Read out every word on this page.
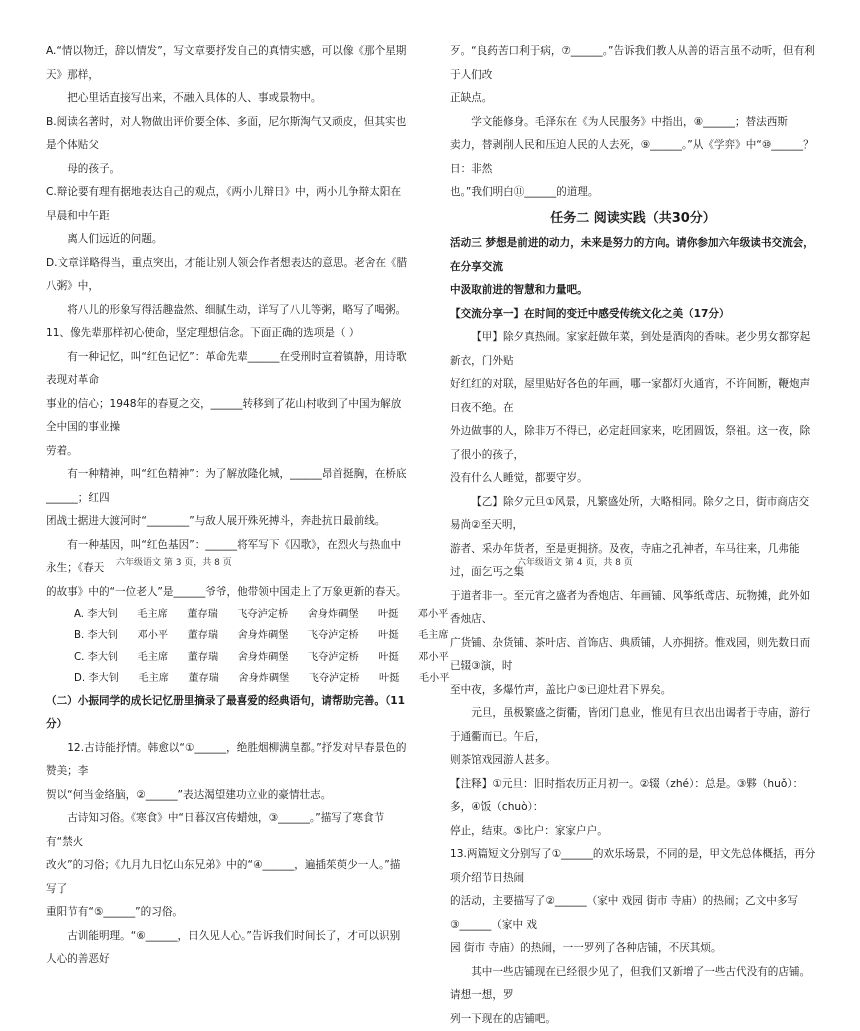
A.“情以物迁，辞以情发”，写文章要抒发自己的真情实感，可以像《那个星期天》那样，

把心里话直接写出来，不融入具体的人、事或景物中。

B.阅读名著时，对人物做出评价要全体、多面，尼尔斯淘气又顽皮，但其实也是个体贴父

母的孩子。

C.辩论要有理有据地表达自己的观点，《两小儿辩日》中，两小儿争辩太阳在早晨和中午距

离人们远近的问题。

D.文章详略得当，重点突出，才能让别人领会作者想表达的意思。老舍在《腊八粥》中，

将八儿的形象写得活趣盎然、细腻生动，详写了八儿等粥，略写了喝粥。

11、像先辈那样初心使命，坚定理想信念。下面正确的选项是（ ）

有一种记忆，叫“红色记忆”：革命先辈______在受刑时宣着镇静，用诗歌表现对革命

事业的信心；1948年的春夏之交，______转移到了花山村收到了中国为解放全中国的事业操

劳着。

有一种精神，叫“红色精神”：为了解放隆化城，______昂首挺胸，在桥底______；红四

团战士据进大渡河时“________”与敌人展开殊死搏斗，奔赴抗日最前线。

有一种基因，叫“红色基因”：______将军写下《囚歌》，在烈火与热血中永生；《春天

的故事》中的“一位老人”是______爷爷，他带领中国走上了万象更新的春天。

A. 李大钊      毛主席      董存瑞      飞夺泸定桥      舍身炸碉堡      叶挺      邓小平

B. 李大钊      邓小平      董存瑞      舍身炸碉堡      飞夺泸定桥      叶挺      毛主席

C. 李大钊      毛主席      董存瑞      舍身炸碉堡      飞夺泸定桥      叶挺      邓小平

D. 李大钊      毛主席      董存瑞      舍身炸碉堡      飞夺泸定桥      叶挺      毛小平

（二）小振同学的成长记忆册里摘录了最喜爱的经典语句，请帮助完善。（11分）

12.古诗能抒情。韩愈以“①______，绝胜烟柳满皇都。”抒发对早春景色的赞美；李

贺以“何当金络脑，②______”表达渴望建功立业的豪情壮志。

古诗知习俗。《寒食》中“日暮汉宫传蜡烛，③______。”描写了寒食节有“禁火

改火”的习俗；《九月九日忆山东兄弟》中的“④______，遍插茱萸少一人。”描写了

重阳节有“⑤______”的习俗。

古训能明理。“⑥______，日久见人心。”告诉我们时间长了，才可以识别人心的善恶好

歹。“良药苦口利于病，⑦______。”告诉我们教人从善的语言虽不动听，但有利于人们改

正缺点。

学文能修身。毛泽东在《为人民服务》中指出，⑧______；替法西斯

卖力，替剥削人民和压迫人民的人去死，⑨______。”从《学弈》中“⑩______？日：非然

也。”我们明白⑪______的道理。

任务二 阅读实践（共30分）

活动三 梦想是前进的动力，未来是努力的方向。请你参加六年级读书交流会，在分享交流

中汲取前进的智慧和力量吧。

【交流分享一】在时间的变迁中感受传统文化之美（17分）

【甲】除夕真热闹。家家赶做年菜，到处是酒肉的香味。老少男女都穿起新衣，门外贴

好红红的对联，屋里贴好各色的年画，哪一家都灯火通宵，不许间断，鞭炮声日夜不绝。在

外边做事的人，除非万不得已，必定赶回家来，吃团圆饭，祭祖。这一夜，除了很小的孩子，

没有什么人睡觉，都要守岁。

【乙】除夕元旦①风景，凡繁盛处所，大略相同。除夕之日，街市商店交易尚②至天明，

游者、采办年货者，至是更拥挤。及夜，寺庙之孔神者，车马往来，几弗能过，面乞丐之集

于道者非一。至元宵之盛者为香炮店、年画铺、风筝纸鸢店、玩物摊，此外如香烛店、

广货铺、杂货铺、茶叶店、首饰店、典质铺，人亦拥挤。惟戏园，则先数日而已辍③演，时

至中夜，多爆竹声，盖比户⑤已迎灶君下界矣。

元旦，虽极繁盛之街衢，皆闭门息业，惟见有旦衣出出谒者于寺庙，游行于通衢而已。午后，

则茶馆戏园游人甚多。

【注释】①元旦：旧时指农历正月初一。②辍（zhé）：总是。③夥（huǒ）：多，④饭（chuò）：

停止，结束。⑤比户：家家户户。

13.两篇短文分别写了①______的欢乐场景，不同的是，甲文先总体概括，再分项介绍节日热闹

的活动，主要描写了②______（家中 戏园 街市 寺庙）的热闹；乙文中多写③______（家中 戏

园 街市 寺庙）的热闹，一一罗列了各种店铺，不厌其烦。

其中一些店铺现在已经很少见了，但我们又新增了一些古代没有的店铺。请想一想，罗

列一下现在的店铺吧。

六年级语文 第 3 页，共 8 页	六年级语文 第 4 页，共 8 页
